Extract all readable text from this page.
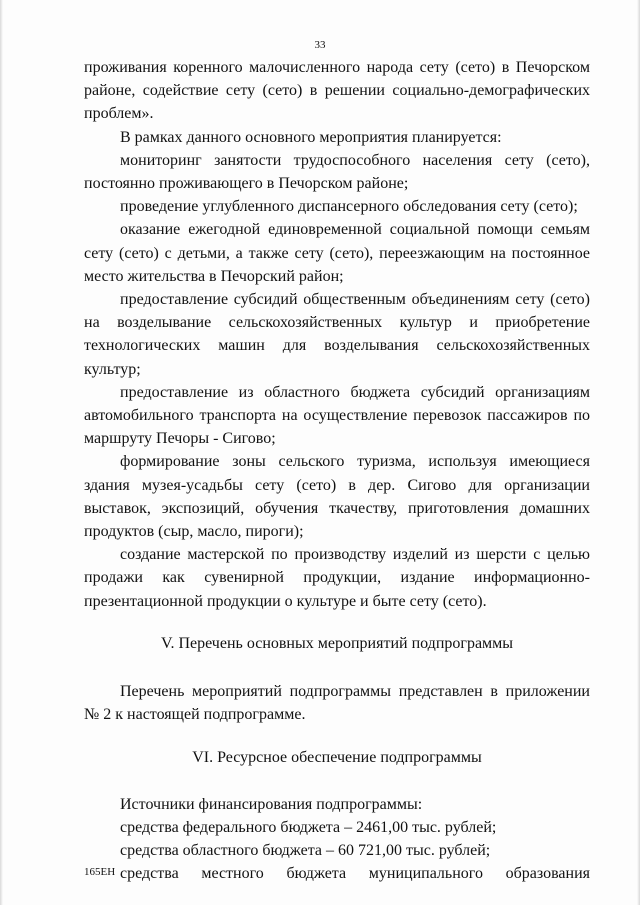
33

проживания коренного малочисленного народа сету (сето) в Печорском районе, содействие сету (сето) в решении социально-демографических проблем».

В рамках данного основного мероприятия планируется:

мониторинг занятости трудоспособного населения сету (сето), постоянно проживающего в Печорском районе;

проведение углубленного диспансерного обследования сету (сето);

оказание ежегодной единовременной социальной помощи семьям сету (сето) с детьми, а также сету (сето), переезжающим на постоянное место жительства в Печорский район;

предоставление субсидий общественным объединениям сету (сето) на возделывание сельскохозяйственных культур и приобретение технологических машин для возделывания сельскохозяйственных культур;

предоставление из областного бюджета субсидий организациям автомобильного транспорта на осуществление перевозок пассажиров по маршруту Печоры - Сигово;

формирование зоны сельского туризма, используя имеющиеся здания музея-усадьбы сету (сето) в дер. Сигово для организации выставок, экспозиций, обучения ткачеству, приготовления домашних продуктов (сыр, масло, пироги);

создание мастерской по производству изделий из шерсти с целью продажи как сувенирной продукции, издание информационно-презентационной продукции о культуре и быте сету (сето).

V. Перечень основных мероприятий подпрограммы

Перечень мероприятий подпрограммы представлен в приложении № 2 к настоящей подпрограмме.

VI. Ресурсное обеспечение подпрограммы

Источники финансирования подпрограммы:

средства федерального бюджета – 2461,00 тыс. рублей;

средства областного бюджета – 60 721,00 тыс. рублей;

средства местного бюджета муниципального образования

165ЕН
